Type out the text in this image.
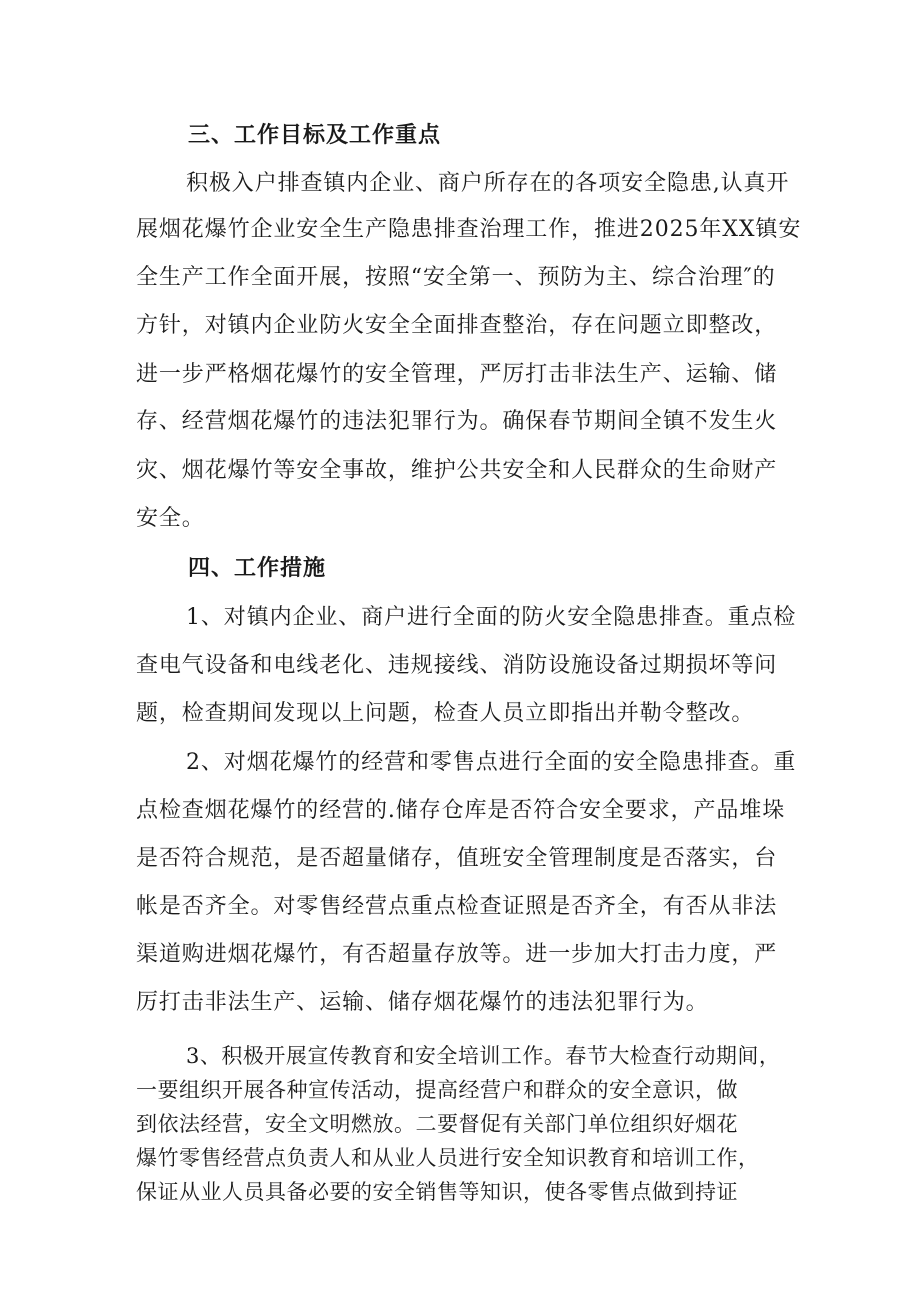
三、工作目标及工作重点
积极入户排查镇内企业、商户所存在的各项安全隐患,认真开
展烟花爆竹企业安全生产隐患排查治理工作，推进2025年XX镇安
全生产工作全面开展，按照“安全第一、预防为主、综合治理″的
方针，对镇内企业防火安全全面排查整治，存在问题立即整改，
进一步严格烟花爆竹的安全管理，严厉打击非法生产、运输、储
存、经营烟花爆竹的违法犯罪行为。确保春节期间全镇不发生火
灾、烟花爆竹等安全事故，维护公共安全和人民群众的生命财产
安全。
四、工作措施
1、对镇内企业、商户进行全面的防火安全隐患排查。重点检
查电气设备和电线老化、违规接线、消防设施设备过期损坏等问
题，检查期间发现以上问题，检查人员立即指出并勒令整改。
2、对烟花爆竹的经营和零售点进行全面的安全隐患排查。重
点检查烟花爆竹的经营的.储存仓库是否符合安全要求，产品堆垛
是否符合规范，是否超量储存，值班安全管理制度是否落实，台
帐是否齐全。对零售经营点重点检查证照是否齐全，有否从非法
渠道购进烟花爆竹，有否超量存放等。进一步加大打击力度，严
厉打击非法生产、运输、储存烟花爆竹的违法犯罪行为。
3、积极开展宣传教育和安全培训工作。春节大检查行动期间，
一要组织开展各种宣传活动，提高经营户和群众的安全意识，做
到依法经营，安全文明燃放。二要督促有关部门单位组织好烟花
爆竹零售经营点负责人和从业人员进行安全知识教育和培训工作，
保证从业人员具备必要的安全销售等知识，使各零售点做到持证
